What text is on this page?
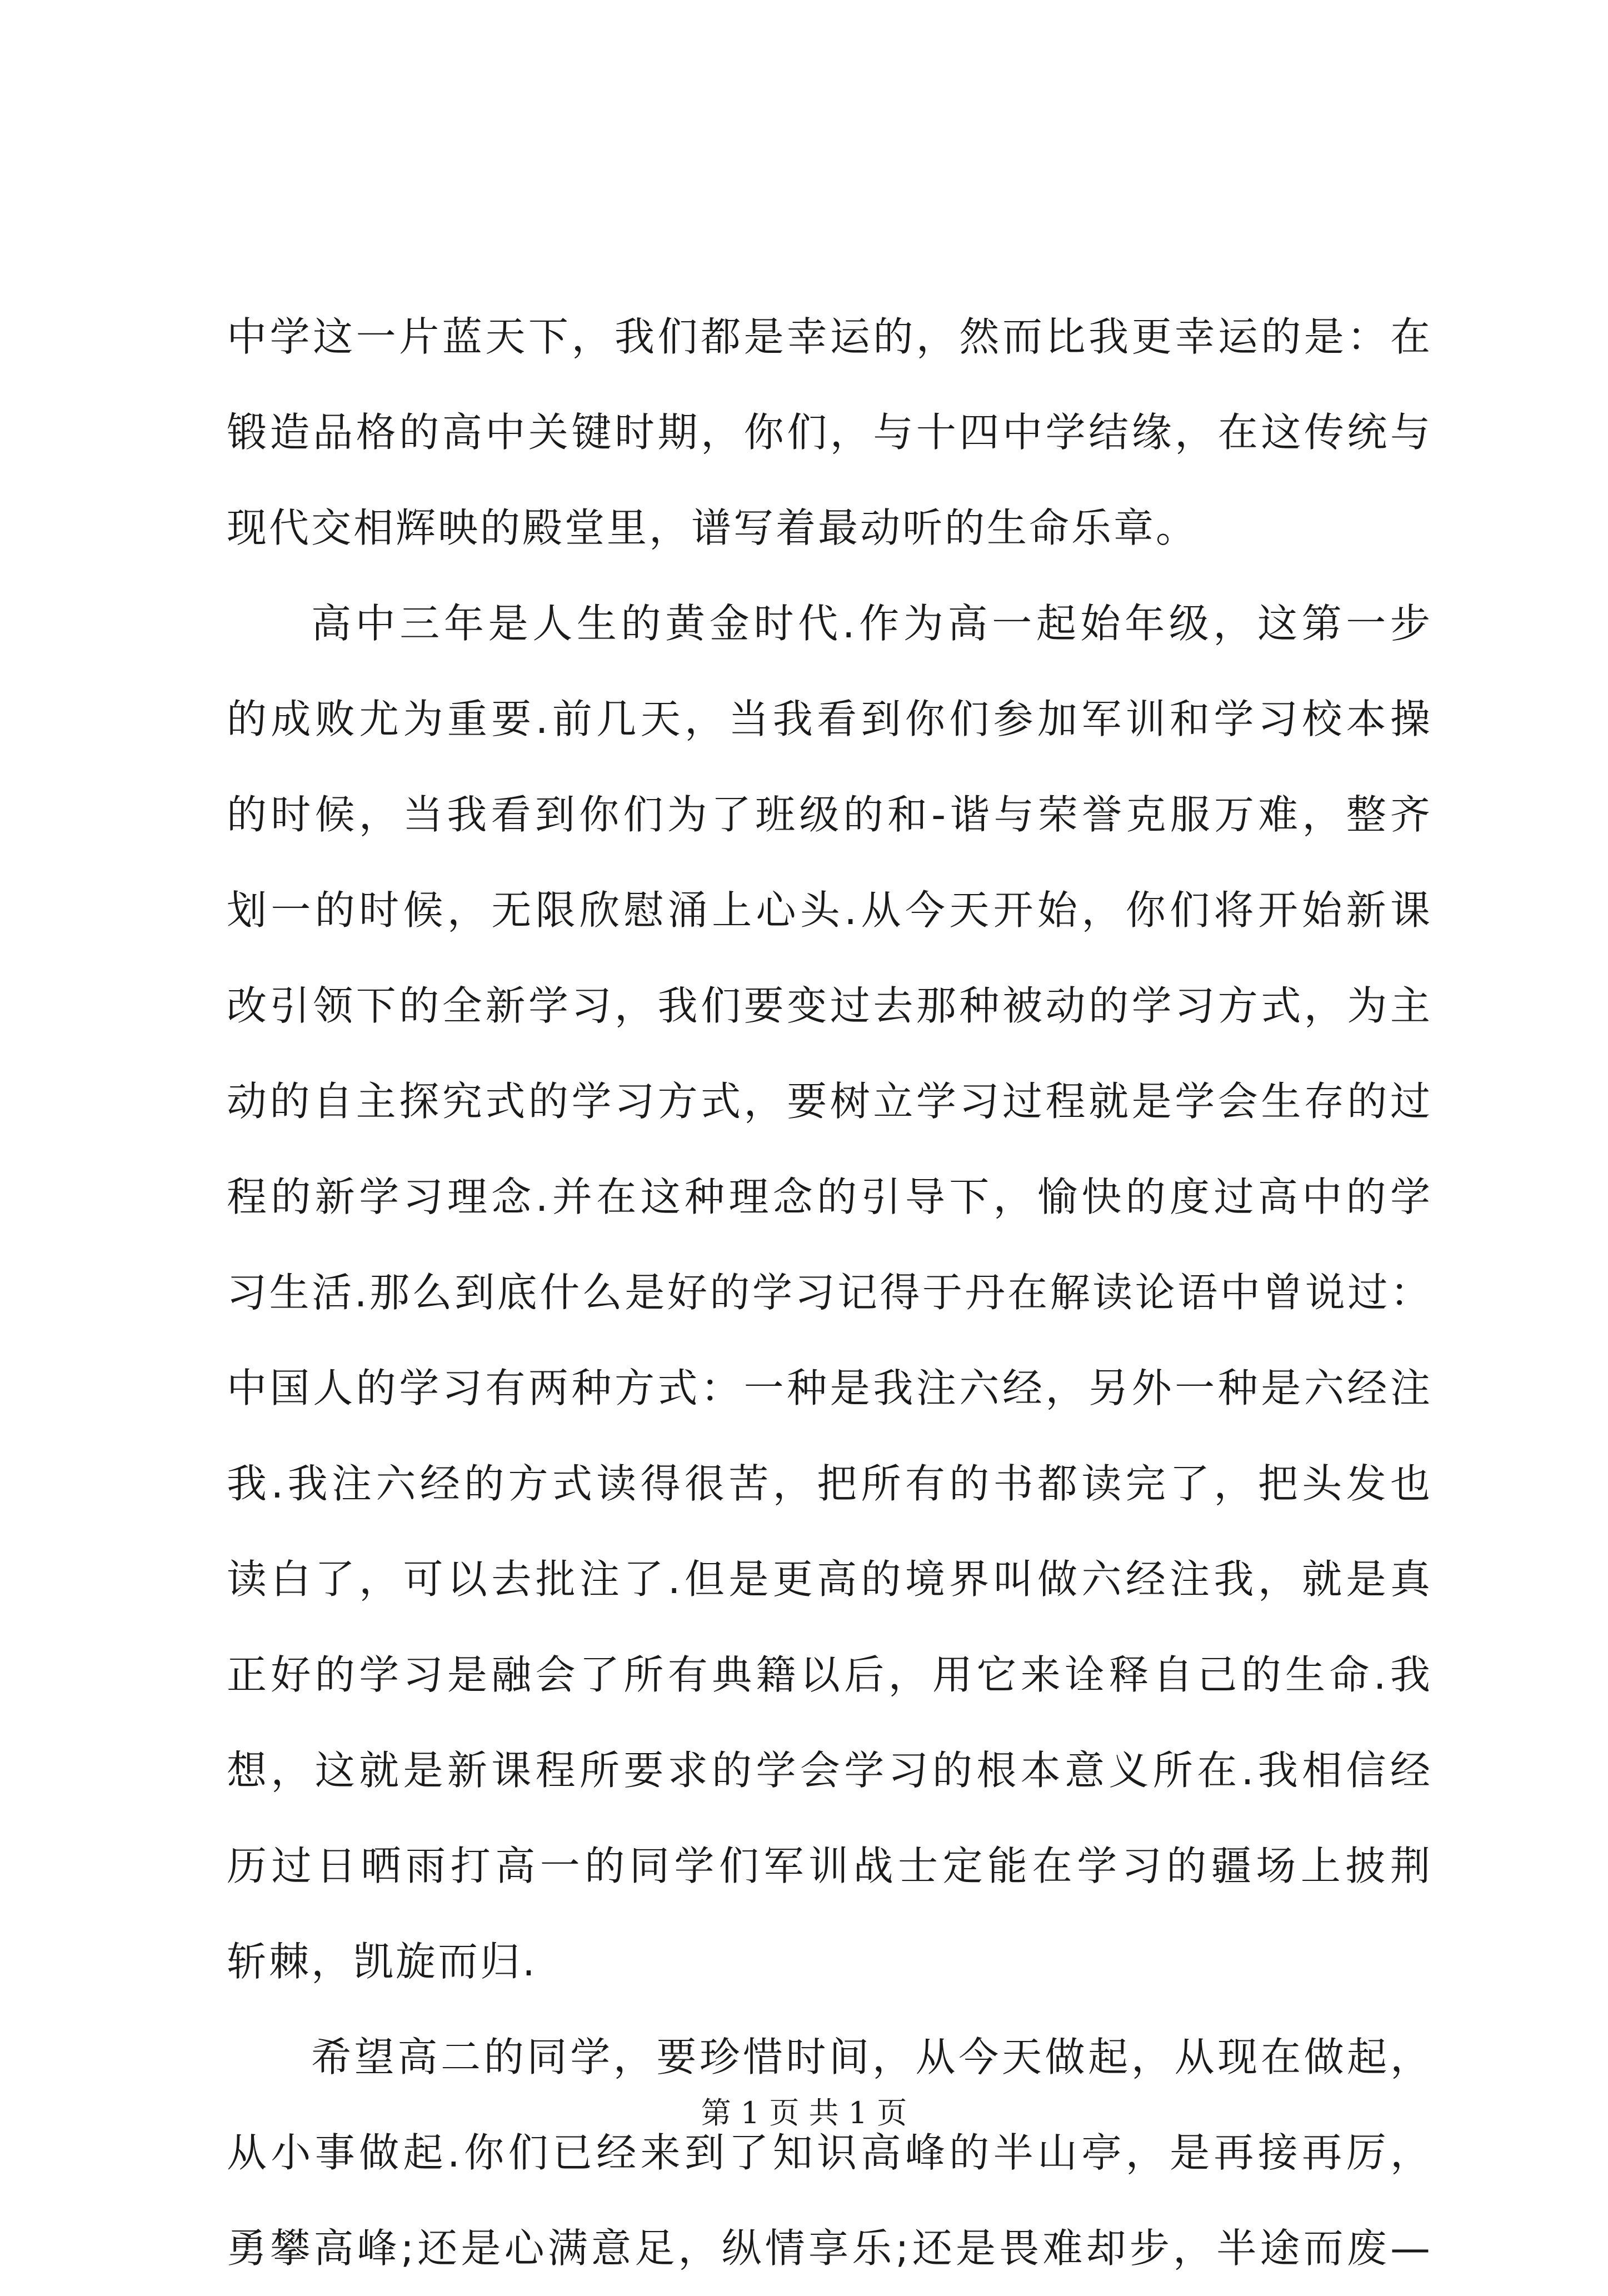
中学这一片蓝天下，我们都是幸运的，然而比我更幸运的是：在
锻造品格的高中关键时期，你们，与十四中学结缘，在这传统与
现代交相辉映的殿堂里，谱写着最动听的生命乐章。
高中三年是人生的黄金时代.作为高一起始年级，这第一步
的成败尤为重要.前几天，当我看到你们参加军训和学习校本操
的时候，当我看到你们为了班级的和-谐与荣誉克服万难，整齐
划一的时候，无限欣慰涌上心头.从今天开始，你们将开始新课
改引领下的全新学习，我们要变过去那种被动的学习方式，为主
动的自主探究式的学习方式，要树立学习过程就是学会生存的过
程的新学习理念.并在这种理念的引导下，愉快的度过高中的学
习生活.那么到底什么是好的学习记得于丹在解读论语中曾说过：
中国人的学习有两种方式：一种是我注六经，另外一种是六经注
我.我注六经的方式读得很苦，把所有的书都读完了，把头发也
读白了，可以去批注了.但是更高的境界叫做六经注我，就是真
正好的学习是融会了所有典籍以后，用它来诠释自己的生命.我
想，这就是新课程所要求的学会学习的根本意义所在.我相信经
历过日晒雨打高一的同学们军训战士定能在学习的疆场上披荆
斩棘，凯旋而归.
希望高二的同学，要珍惜时间，从今天做起，从现在做起，
从小事做起.你们已经来到了知识高峰的半山亭，是再接再厉，
勇攀高峰;还是心满意足，纵情享乐;还是畏难却步，半途而废—
第 1 页 共 1 页
